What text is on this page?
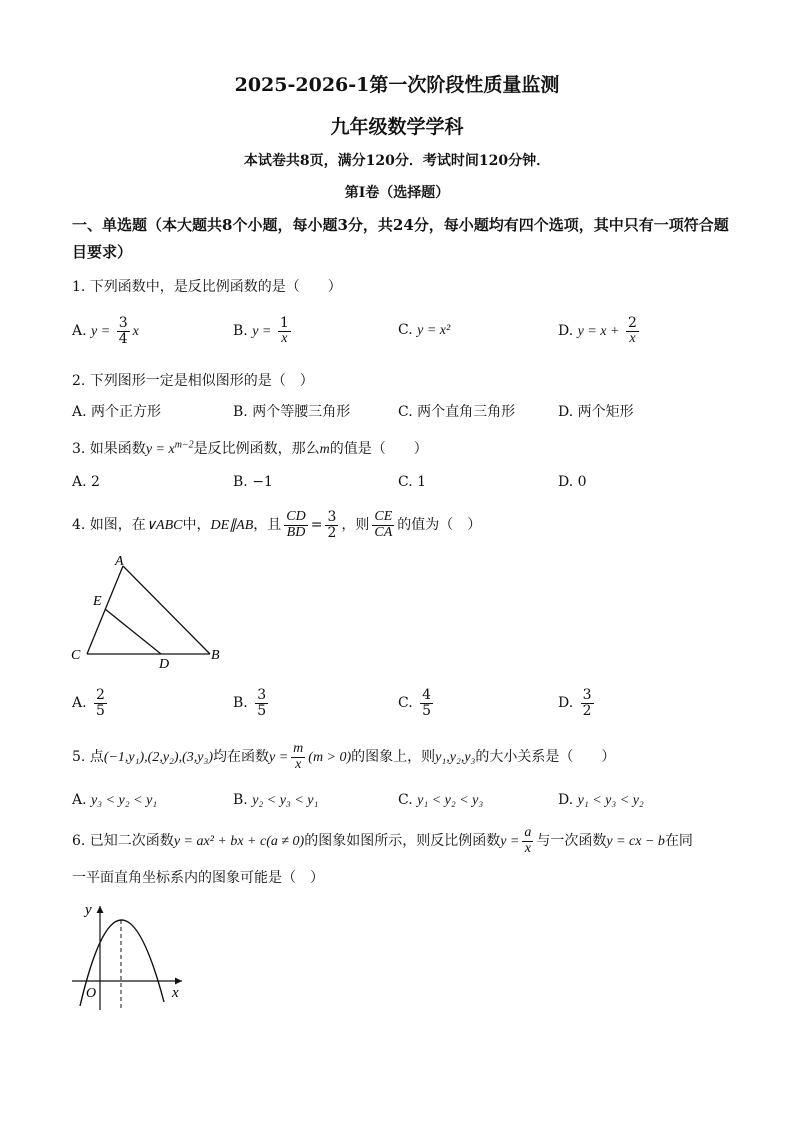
2025-2026-1第一次阶段性质量监测
九年级数学学科
本试卷共8页，满分120分．考试时间120分钟．
第Ⅰ卷（选择题）
一、单选题（本大题共8个小题，每小题3分，共24分，每小题均有四个选项，其中只有一项符合题目要求）
1. 下列函数中，是反比例函数的是（　　）
A. $y = \frac{3}{4}$ x	B. $y = \frac{1}{x}$	C. y = x²	D. $y = x + \frac{2}{x}$
2. 下列图形一定是相似图形的是（　）
A. 两个正方形	B. 两个等腰三角形	C. 两个直角三角形	D. 两个矩形
3. 如果函数$y = x^{m-2}$是反比例函数，那么m的值是（　　）
A. 2	B. −1	C. 1	D. 0
4. 如图，在∨ABC中，DE∥AB，且 $\frac{CD}{BD} = \frac{3}{2}$ ，则 $\frac{CE}{CA}$ 的值为（　）
A
B
C
D
E
A. $\frac{2}{5}$	B. $\frac{3}{5}$	C. $\frac{4}{5}$	D. $\frac{3}{2}$
5. 点(−1,y₁),(2,y₂),(3,y₃)均在函数$y = \frac{m}{x} (m > 0)$的图象上，则y₁,y₂,y₃的大小关系是（　　）
A. y₃ < y₂ < y₁	B. y₂ < y₃ < y₁	C. y₁ < y₂ < y₃	D. y₁ < y₃ < y₂
6. 已知二次函数y = ax² + bx + c(a ≠ 0)的图象如图所示，则反比例函数$y = \frac{a}{x}$ 与一次函数y = cx − b在同
一平面直角坐标系内的图象可能是（　）
y
x
O
